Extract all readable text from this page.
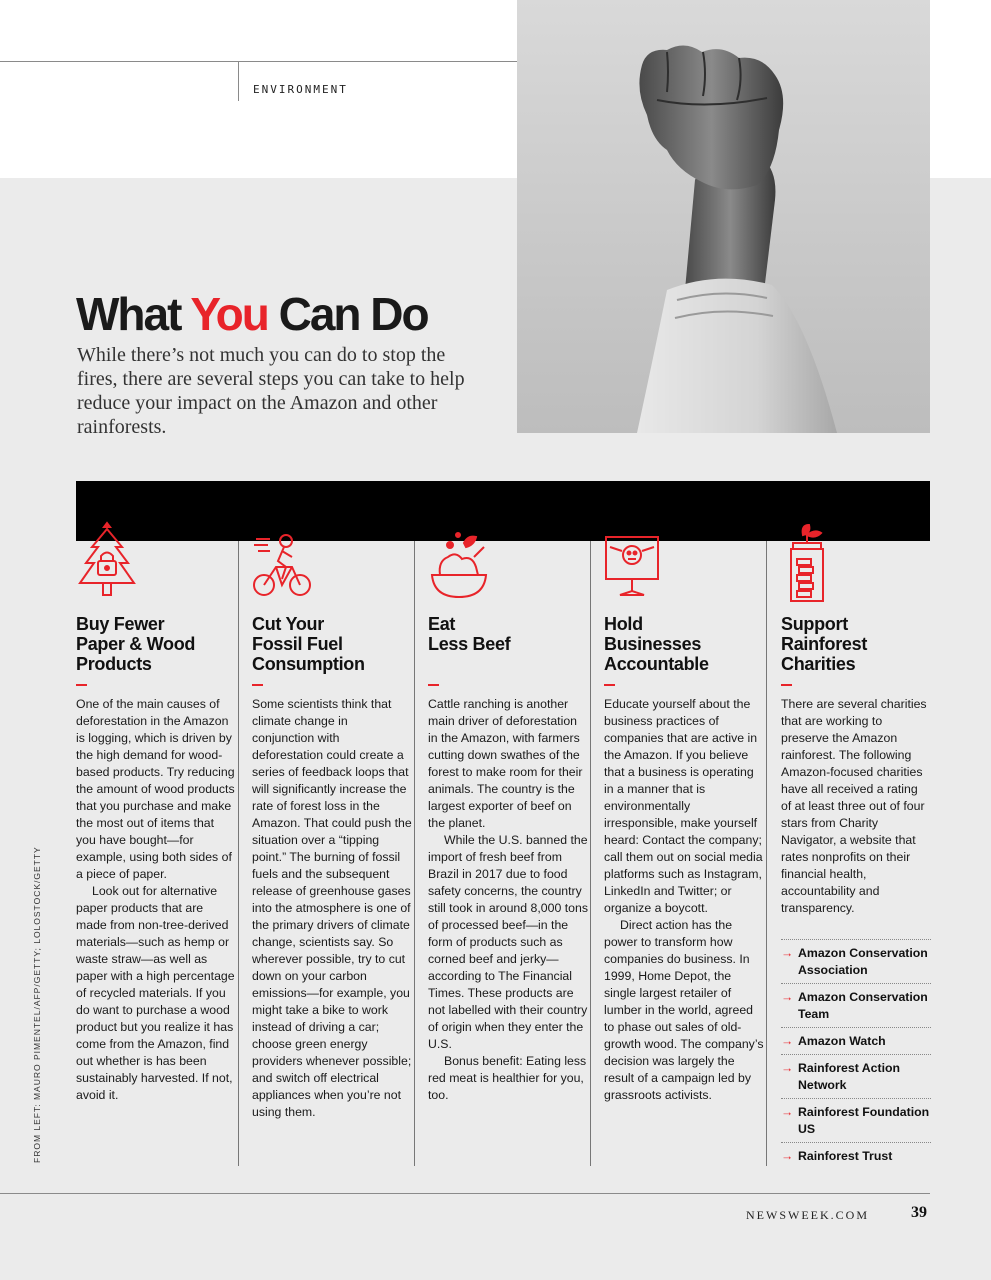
ENVIRONMENT
What You Can Do
While there’s not much you can do to stop the fires, there are several steps you can take to help reduce your impact on the Amazon and other rainforests.
Buy Fewer
Paper & Wood
Products
One of the main causes of deforestation in the Amazon is logging, which is driven by the high demand for wood-based products. Try reducing the amount of wood products that you purchase and make the most out of items that you have bought—for example, using both sides of a piece of paper.
Look out for alternative paper products that are made from non-tree-derived materials—such as hemp or waste straw—as well as paper with a high percentage of recycled materials. If you do want to purchase a wood product but you realize it has come from the Amazon, find out whether is has been sustainably harvested. If not, avoid it.
Cut Your
Fossil Fuel
Consumption
Some scientists think that climate change in conjunction with deforestation could create a series of feedback loops that will significantly increase the rate of forest loss in the Amazon. That could push the situation over a “tipping point.” The burning of fossil fuels and the subsequent release of greenhouse gases into the atmosphere is one of the primary drivers of climate change, scientists say. So wherever possible, try to cut down on your carbon emissions—for example, you might take a bike to work instead of driving a car; choose green energy providers whenever possible; and switch off electrical appliances when you’re not using them.
Eat
Less Beef
Cattle ranching is another main driver of deforestation in the Amazon, with farmers cutting down swathes of the forest to make room for their animals. The country is the largest exporter of beef on the planet.
While the U.S. banned the import of fresh beef from Brazil in 2017 due to food safety concerns, the country still took in around 8,000 tons of processed beef—in the form of products such as corned beef and jerky—according to The Financial Times. These products are not labelled with their country of origin when they enter the U.S.
Bonus benefit: Eating less red meat is healthier for you, too.
Hold
Businesses
Accountable
Educate yourself about the business practices of companies that are active in the Amazon. If you believe that a business is operating in a manner that is environmentally irresponsible, make yourself heard: Contact the company; call them out on social media platforms such as Instagram, LinkedIn and Twitter; or organize a boycott.
Direct action has the power to transform how companies do business. In 1999, Home Depot, the single largest retailer of lumber in the world, agreed to phase out sales of old-growth wood. The company’s decision was largely the result of a campaign led by grassroots activists.
Support
Rainforest
Charities
There are several charities that are working to preserve the Amazon rainforest. The following Amazon-focused charities have all received a rating of at least three out of four stars from Charity Navigator, a website that rates nonprofits on their financial health, accountability and transparency.
→ Amazon Conservation Association
→ Amazon Conservation Team
→ Amazon Watch
→ Rainforest Action Network
→ Rainforest Foundation US
→ Rainforest Trust
FROM LEFT: MAURO PIMENTEL/AFP/GETTY; LOLOSTOCK/GETTY
NEWSWEEK.COM	39
